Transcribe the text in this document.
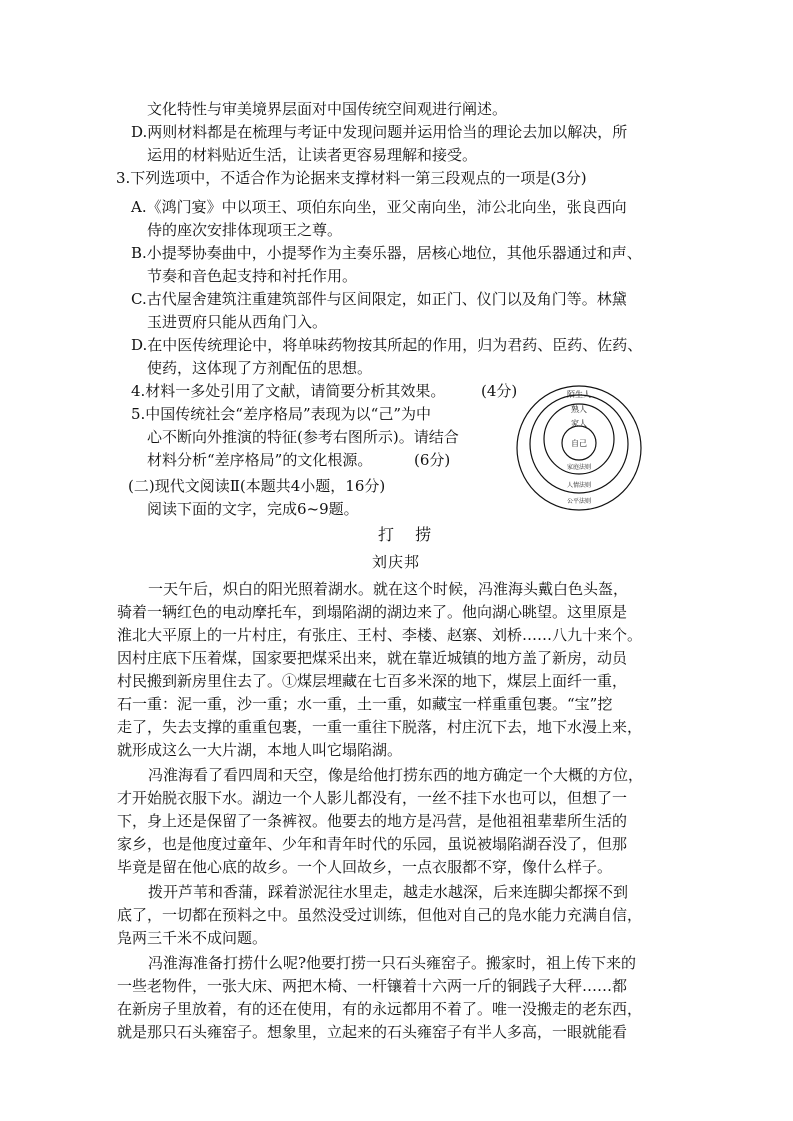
文化特性与审美境界层面对中国传统空间观进行阐述。
D.两则材料都是在梳理与考证中发现问题并运用恰当的理论去加以解决，所
运用的材料贴近生活，让读者更容易理解和接受。
3.下列选项中，不适合作为论据来支撑材料一第三段观点的一项是(3分)
A.《鸿门宴》中以项王、项伯东向坐，亚父南向坐，沛公北向坐，张良西向
侍的座次安排体现项王之尊。
B.小提琴协奏曲中，小提琴作为主奏乐器，居核心地位，其他乐器通过和声、
节奏和音色起支持和衬托作用。
C.古代屋舍建筑注重建筑部件与区间限定，如正门、仪门以及角门等。林黛
玉进贾府只能从西角门入。
D.在中医传统理论中，将单味药物按其所起的作用，归为君药、臣药、佐药、
使药，这体现了方剂配伍的思想。
4.材料一多处引用了文献，请简要分析其效果。 (4分)
5.中国传统社会“差序格局”表现为以“己”为中
心不断向外推演的特征(参考右图所示)。请结合
材料分析“差序格局”的文化根源。	(6分)
(二)现代文阅读Ⅱ(本题共4小题，16分)
阅读下面的文字，完成6~9题。
陌生人
熟人
家人
自己
家庭法则
人情法则
公平法则
打 捞
刘庆邦
一天午后，炽白的阳光照着湖水。就在这个时候，冯淮海头戴白色头盔，
骑着一辆红色的电动摩托车，到塌陷湖的湖边来了。他向湖心眺望。这里原是
淮北大平原上的一片村庄，有张庄、王村、李楼、赵寨、刘桥……八九十来个。
因村庄底下压着煤，国家要把煤采出来，就在靠近城镇的地方盖了新房，动员
村民搬到新房里住去了。①煤层埋藏在七百多米深的地下，煤层上面纤一重，
石一重：泥一重，沙一重；水一重，土一重，如藏宝一样重重包裹。“宝”挖
走了，失去支撑的重重包裹，一重一重往下脱落，村庄沉下去，地下水漫上来，
就形成这么一大片湖，本地人叫它塌陷湖。
冯淮海看了看四周和天空，像是给他打捞东西的地方确定一个大概的方位，
才开始脱衣服下水。湖边一个人影儿都没有，一丝不挂下水也可以，但想了一
下，身上还是保留了一条裤衩。他要去的地方是冯营，是他祖祖辈辈所生活的
家乡，也是他度过童年、少年和青年时代的乐园，虽说被塌陷湖吞没了，但那
毕竟是留在他心底的故乡。一个人回故乡，一点衣服都不穿，像什么样子。
拨开芦苇和香蒲，踩着淤泥往水里走，越走水越深，后来连脚尖都探不到
底了，一切都在预料之中。虽然没受过训练，但他对自己的凫水能力充满自信，
凫两三千米不成问题。
冯淮海准备打捞什么呢?他要打捞一只石头雍窑子。搬家时，祖上传下来的
一些老物件，一张大床、两把木椅、一杆镶着十六两一斤的铜践子大秤……都
在新房子里放着，有的还在使用，有的永远都用不着了。唯一没搬走的老东西，
就是那只石头雍窑子。想象里，立起来的石头雍窑子有半人多高，一眼就能看
